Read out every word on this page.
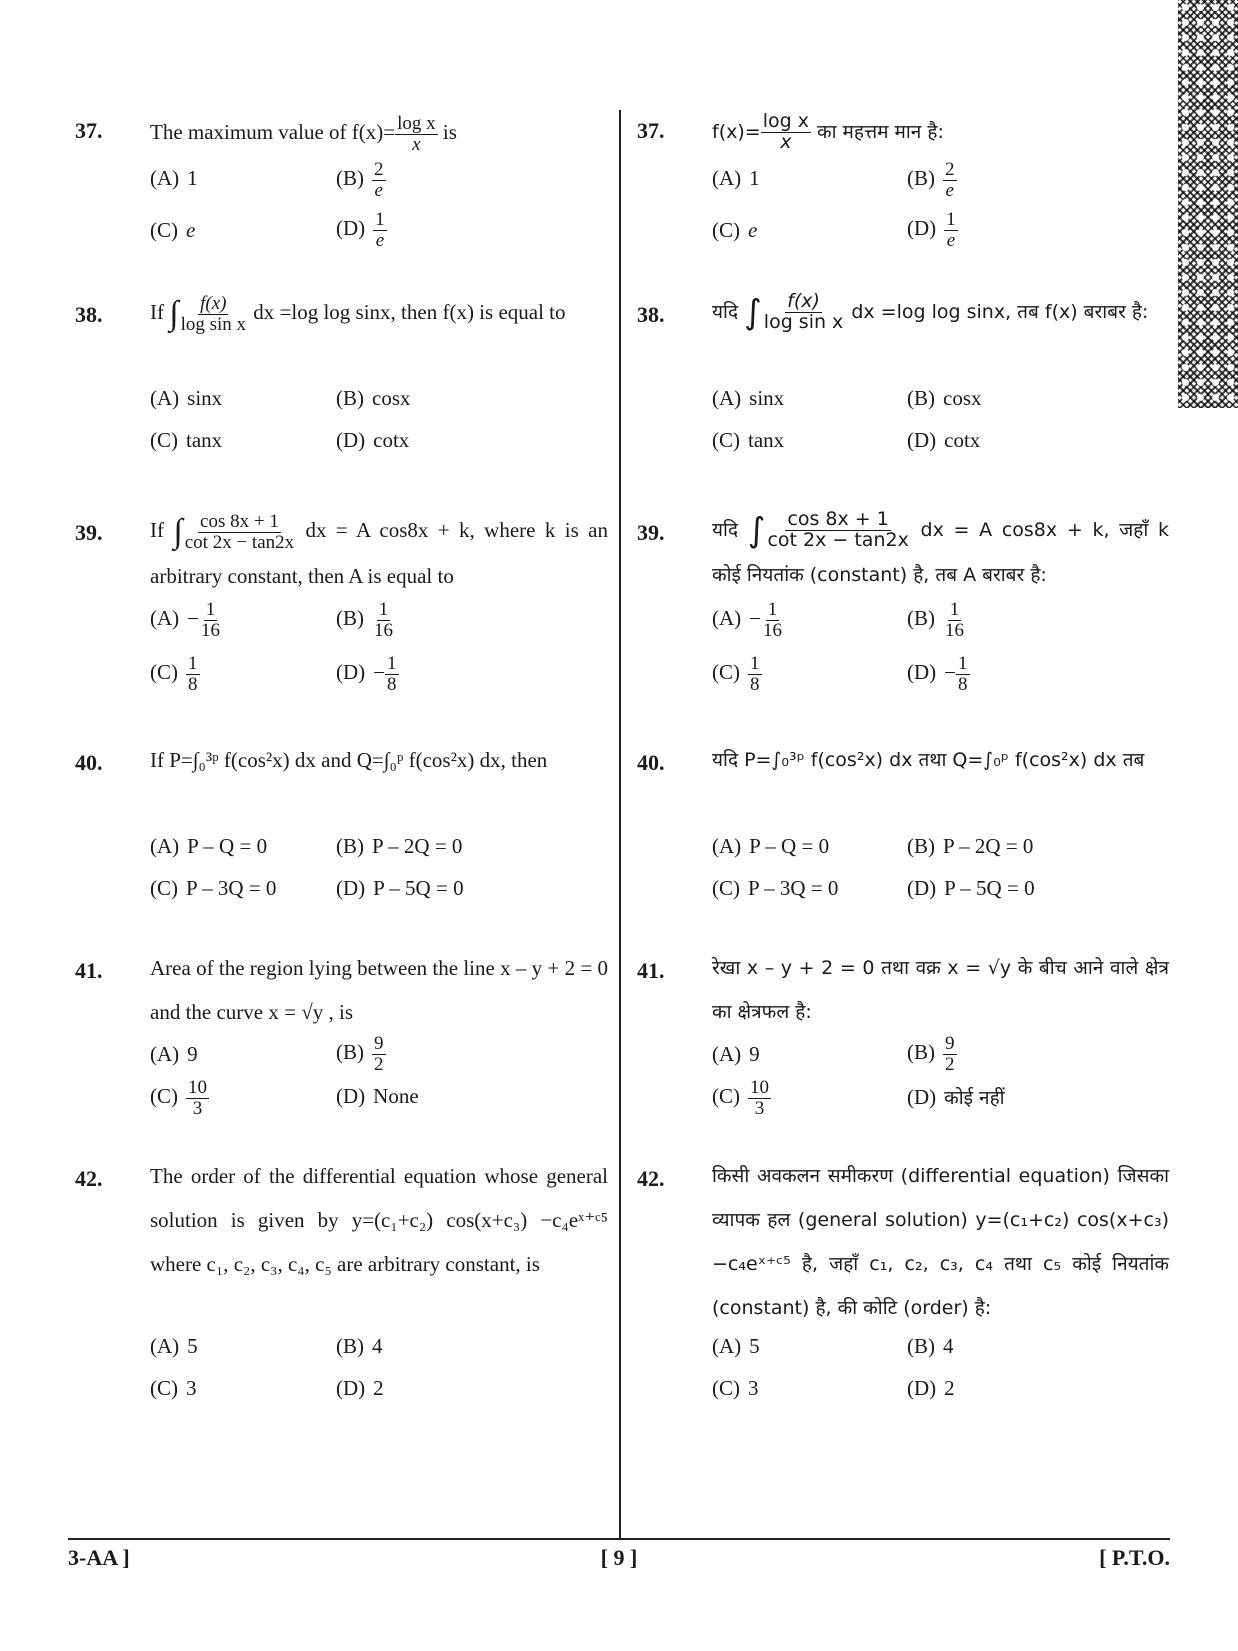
37. The maximum value of $f(x)= \frac{\text{log x}}{x}$ is
(A) 1	$(B) \frac{2}{e}$
(C) e	$(D) \frac{1}{e}$
38. If ∫ $\frac{f(x)}{\text{log sin x}}$ dx =log log sinx, then f(x) is equal to
(A) sinx	(B) cosx
(C) tanx	(D) cotx
39. If ∫ $\frac{\cos 8x + 1}{\cot 2x - \tan 2x}$ dx = A cos8x + k, where k is an arbitrary constant, then A is equal to
$(A) - \frac{1}{16}$	$(B) \frac{1}{16}$
$(C) \frac{1}{8}$	$(D) - \frac{1}{8}$
40. If P=∫₀³ᵖ f(cos²x) dx and Q=∫₀ᵖ f(cos²x) dx, then
(A) P – Q = 0	(B) P – 2Q = 0
(C) P – 3Q = 0	(D) P – 5Q = 0
41. Area of the region lying between the line x – y + 2 = 0 and the curve x = √y , is
(A) 9	$(B) \frac{9}{2}$
$(C) \frac{10}{3}$	(D) None
42. The order of the differential equation whose general solution is given by y=(c₁+c₂) cos(x+c₃) −c₄eˣ⁺ᶜ⁵ where c₁, c₂, c₃, c₄, c₅ are arbitrary constant, is
(A) 5	(B) 4
(C) 3	(D) 2
37.	$f(x)= \frac{\text{log x}}{x}$ का महत्तम मान है:
(A) 1	$(B) \frac{2}{e}$
(C) e	$(D) \frac{1}{e}$
38.	यदि ∫ $\frac{f(x)}{\text{log sin x}}$ dx =log log sinx, तब f(x) बराबर है:
(A) sinx	(B) cosx
(C) tanx	(D) cotx
39.	यदि ∫ $\frac{\cos 8x + 1}{\cot 2x - \tan 2x}$ dx = A cos8x + k, जहाँ k कोई नियतांक (constant) है, तब A बराबर है:
$(A) - \frac{1}{16}$	$(B) \frac{1}{16}$
$(C) \frac{1}{8}$	$(D) - \frac{1}{8}$
40.	यदि P=∫₀³ᵖ f(cos²x) dx तथा Q=∫₀ᵖ f(cos²x) dx तब
(A) P – Q = 0	(B) P – 2Q = 0
(C) P – 3Q = 0	(D) P – 5Q = 0
41.	रेखा x – y + 2 = 0 तथा वक्र x = √y के बीच आने वाले क्षेत्र का क्षेत्रफल है:
(A) 9	$(B) \frac{9}{2}$
$(C) \frac{10}{3}$	(D) कोई नहीं
42.	किसी अवकलन समीकरण (differential equation) जिसका व्यापक हल (general solution) y=(c₁+c₂) cos(x+c₃) −c₄eˣ⁺ᶜ⁵ है, जहाँ c₁, c₂, c₃, c₄ तथा c₅ कोई नियतांक (constant) है, की कोटि (order) है:
(A) 5	(B) 4
(C) 3	(D) 2
3-AA ]	[ 9 ]	[ P.T.O.
